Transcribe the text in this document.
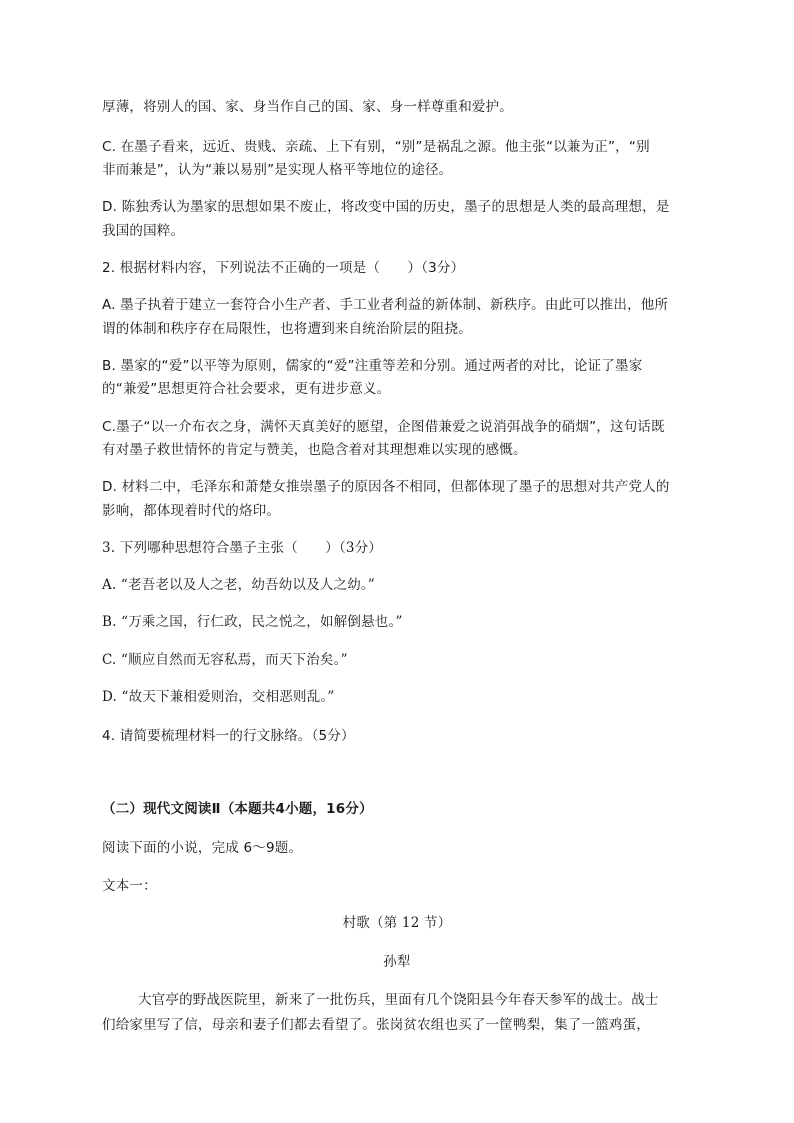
厚薄，将别人的国、家、身当作自己的国、家、身一样尊重和爱护。
C. 在墨子看来，远近、贵贱、亲疏、上下有别，“别”是祸乱之源。他主张“以兼为正”，“别
非而兼是”，认为“兼以易别”是实现人格平等地位的途径。
D. 陈独秀认为墨家的思想如果不废止，将改变中国的历史，墨子的思想是人类的最高理想，是
我国的国粹。
2. 根据材料内容，下列说法不正确的一项是（　　）（3分）
A. 墨子执着于建立一套符合小生产者、手工业者利益的新体制、新秩序。由此可以推出，他所
谓的体制和秩序存在局限性，也将遭到来自统治阶层的阻挠。
B. 墨家的“爱”以平等为原则，儒家的“爱”注重等差和分别。通过两者的对比，论证了墨家
的“兼爱”思想更符合社会要求，更有进步意义。
C.墨子“以一介布衣之身，满怀天真美好的愿望，企图借兼爱之说消弭战争的硝烟”，这句话既
有对墨子救世情怀的肯定与赞美，也隐含着对其理想难以实现的感慨。
D. 材料二中，毛泽东和萧楚女推崇墨子的原因各不相同，但都体现了墨子的思想对共产党人的
影响，都体现着时代的烙印。
3. 下列哪种思想符合墨子主张（　　）（3分）
A. “老吾老以及人之老，幼吾幼以及人之幼。”
B. “万乘之国，行仁政，民之悦之，如解倒悬也。”
C. “顺应自然而无容私焉，而天下治矣。”
D. “故天下兼相爱则治，交相恶则乱。”
4. 请简要梳理材料一的行文脉络。（5分）
（二）现代文阅读Ⅱ（本题共4小题，16分）
阅读下面的小说，完成 6～9题。
文本一：
村歌（第 12 节）
孙犁
大官亭的野战医院里，新来了一批伤兵，里面有几个饶阳县今年春天参军的战士。战士
们给家里写了信，母亲和妻子们都去看望了。张岗贫农组也买了一筐鸭梨，集了一篮鸡蛋，
